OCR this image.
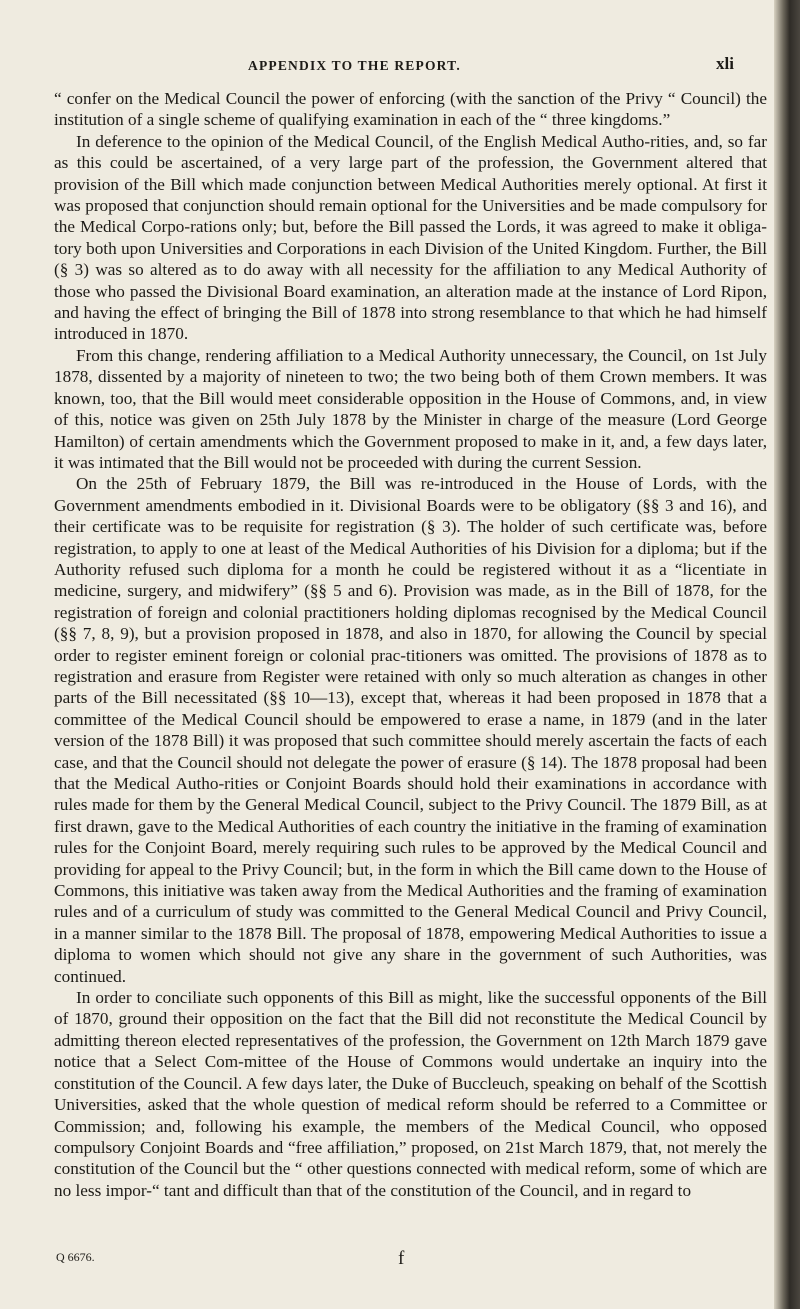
APPENDIX TO THE REPORT.	xli

“ confer on the Medical Council the power of enforcing (with the sanction of the Privy “ Council) the institution of a single scheme of qualifying examination in each of the “ three kingdoms.”

In deference to the opinion of the Medical Council, of the English Medical Autho-rities, and, so far as this could be ascertained, of a very large part of the profession, the Government altered that provision of the Bill which made conjunction between Medical Authorities merely optional. At first it was proposed that conjunction should remain optional for the Universities and be made compulsory for the Medical Corpo-rations only; but, before the Bill passed the Lords, it was agreed to make it obliga-tory both upon Universities and Corporations in each Division of the United Kingdom. Further, the Bill (§ 3) was so altered as to do away with all necessity for the affiliation to any Medical Authority of those who passed the Divisional Board examination, an alteration made at the instance of Lord Ripon, and having the effect of bringing the Bill of 1878 into strong resemblance to that which he had himself introduced in 1870.

From this change, rendering affiliation to a Medical Authority unnecessary, the Council, on 1st July 1878, dissented by a majority of nineteen to two; the two being both of them Crown members. It was known, too, that the Bill would meet considerable opposition in the House of Commons, and, in view of this, notice was given on 25th July 1878 by the Minister in charge of the measure (Lord George Hamilton) of certain amendments which the Government proposed to make in it, and, a few days later, it was intimated that the Bill would not be proceeded with during the current Session.

On the 25th of February 1879, the Bill was re-introduced in the House of Lords, with the Government amendments embodied in it. Divisional Boards were to be obligatory (§§ 3 and 16), and their certificate was to be requisite for registration (§ 3). The holder of such certificate was, before registration, to apply to one at least of the Medical Authorities of his Division for a diploma; but if the Authority refused such diploma for a month he could be registered without it as a “licentiate in medicine, surgery, and midwifery” (§§ 5 and 6). Provision was made, as in the Bill of 1878, for the registration of foreign and colonial practitioners holding diplomas recognised by the Medical Council (§§ 7, 8, 9), but a provision proposed in 1878, and also in 1870, for allowing the Council by special order to register eminent foreign or colonial prac-titioners was omitted. The provisions of 1878 as to registration and erasure from Register were retained with only so much alteration as changes in other parts of the Bill necessitated (§§ 10—13), except that, whereas it had been proposed in 1878 that a committee of the Medical Council should be empowered to erase a name, in 1879 (and in the later version of the 1878 Bill) it was proposed that such committee should merely ascertain the facts of each case, and that the Council should not delegate the power of erasure (§ 14). The 1878 proposal had been that the Medical Autho-rities or Conjoint Boards should hold their examinations in accordance with rules made for them by the General Medical Council, subject to the Privy Council. The 1879 Bill, as at first drawn, gave to the Medical Authorities of each country the initiative in the framing of examination rules for the Conjoint Board, merely requiring such rules to be approved by the Medical Council and providing for appeal to the Privy Council; but, in the form in which the Bill came down to the House of Commons, this initiative was taken away from the Medical Authorities and the framing of examination rules and of a curriculum of study was committed to the General Medical Council and Privy Council, in a manner similar to the 1878 Bill. The proposal of 1878, empowering Medical Authorities to issue a diploma to women which should not give any share in the government of such Authorities, was continued.

In order to conciliate such opponents of this Bill as might, like the successful opponents of the Bill of 1870, ground their opposition on the fact that the Bill did not reconstitute the Medical Council by admitting thereon elected representatives of the profession, the Government on 12th March 1879 gave notice that a Select Com-mittee of the House of Commons would undertake an inquiry into the constitution of the Council. A few days later, the Duke of Buccleuch, speaking on behalf of the Scottish Universities, asked that the whole question of medical reform should be referred to a Committee or Commission; and, following his example, the members of the Medical Council, who opposed compulsory Conjoint Boards and “free affiliation,” proposed, on 21st March 1879, that, not merely the constitution of the Council but the “ other questions connected with medical reform, some of which are no less impor-“ tant and difficult than that of the constitution of the Council, and in regard to

Q 6676.	f
